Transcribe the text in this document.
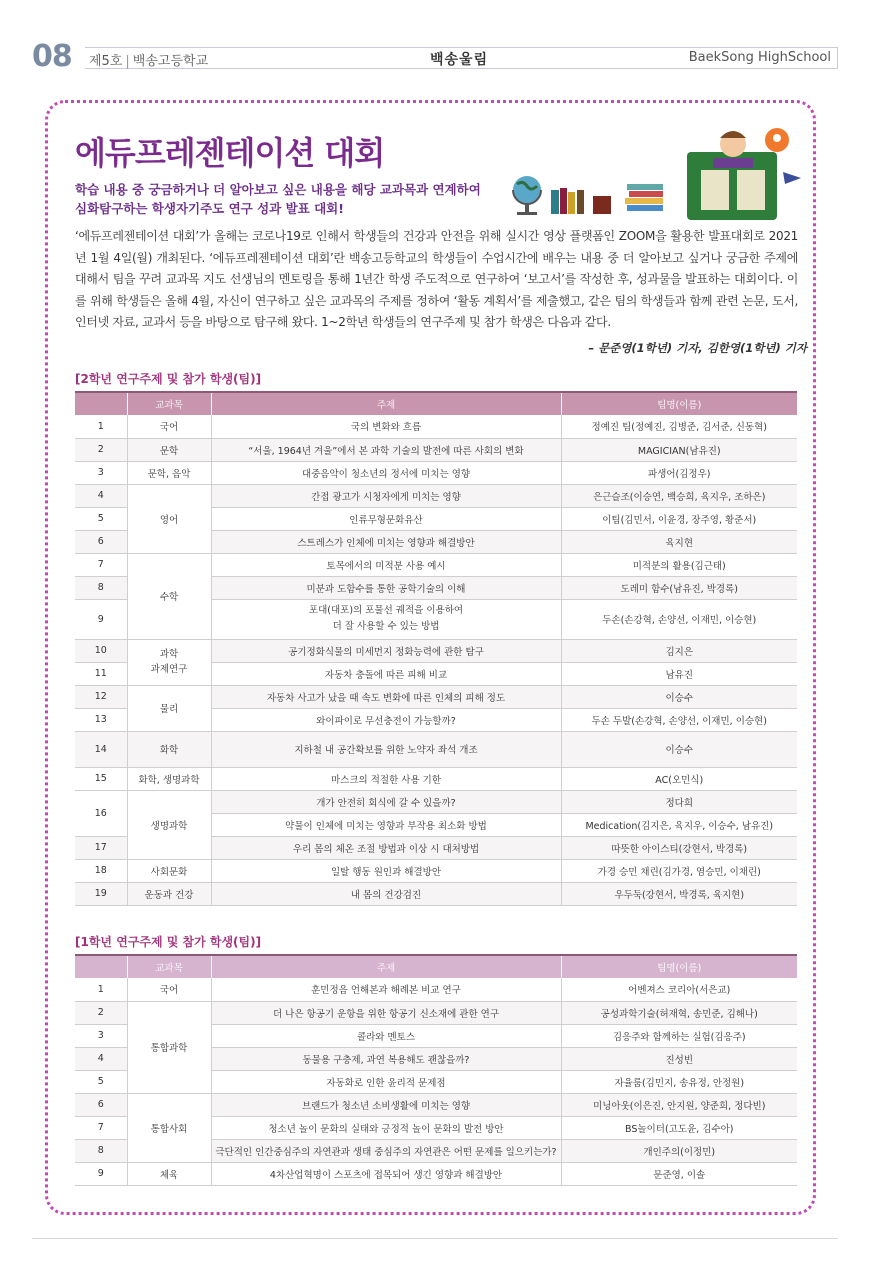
08 제5호 | 백송고등학교	백송울림	BaekSong HighSchool
에듀프레젠테이션 대회
학습 내용 중 궁금하거나 더 알아보고 싶은 내용을 해당 교과목과 연계하여
심화탐구하는 학생자기주도 연구 성과 발표 대회!
‘에듀프레젠테이션 대회’가 올해는 코로나19로 인해서 학생들의 건강과 안전을 위해 실시간 영상 플랫폼인 ZOOM을 활용한 발표대회로 2021년 1월 4일(월) 개최된다. ‘에듀프레젠테이션 대회’란 백송고등학교의 학생들이 수업시간에 배우는 내용 중 더 알아보고 싶거나 궁금한 주제에 대해서 팀을 꾸려 교과목 지도 선생님의 멘토링을 통해 1년간 학생 주도적으로 연구하여 ‘보고서’를 작성한 후, 성과물을 발표하는 대회이다. 이를 위해 학생들은 올해 4월, 자신이 연구하고 싶은 교과목의 주제를 정하여 ‘활동 계획서’를 제출했고, 같은 팀의 학생들과 함께 관련 논문, 도서, 인터넷 자료, 교과서 등을 바탕으로 탐구해 왔다. 1~2학년 학생들의 연구주제 및 참가 학생은 다음과 같다.
– 문준영(1학년) 기자, 김한영(1학년) 기자
[2학년 연구주제 및 참가 학생(팀)]
	교과목	주제	팀명(이름)
1	국어	국의 변화와 흐름	정예진 팀(정예진, 김병준, 김서준, 신동혁)
2	문학	“서울, 1964년 겨울”에서 본 과학 기술의 발전에 따른 사회의 변화	MAGICIAN(남유진)
3	문학, 음악	대중음악이 청소년의 정서에 미치는 영향	파생어(김정우)
4	영어	간접 광고가 시청자에게 미치는 영향	은근슬조(이승연, 백승희, 육지우, 조하은)
5		인류무형문화유산	이팀(김민서, 이윤경, 장주영, 황준서)
6		스트레스가 인체에 미치는 영향과 해결방안	육지현
7	수학	토목에서의 미적분 사용 예시	미적분의 활용(김근태)
8		미분과 도함수를 통한 공학기술의 이해	도레미 함수(남유진, 박경록)
9		포대(대포)의 포물선 궤적을 이용하여
더 잘 사용할 수 있는 방법	두손(손강혁, 손양선, 이재민, 이승현)
10	과학
과제연구	공기정화식물의 미세먼지 정화능력에 관한 탐구	김지은
11		자동차 충돌에 따른 피해 비교	남유진
12	물리	자동차 사고가 났을 때 속도 변화에 따른 인체의 피해 정도	이승수
13		와이파이로 무선충전이 가능할까?	두손 두발(손강혁, 손양선, 이재민, 이승현)
14	화학	지하철 내 공간확보를 위한 노약자 좌석 개조	이승수
15	화학, 생명과학	마스크의 적절한 사용 기한	AC(오민식)
16	생명과학	개가 안전히 회식에 갈 수 있을까?	정다희
		약물이 인체에 미치는 영향과 부작용 최소화 방법	Medication(김지은, 육지우, 이승수, 남유진)
17		우리 몸의 체온 조절 방법과 이상 시 대처방법	따뜻한 아이스티(강현서, 박경록)
18	사회문화	일탈 행동 원인과 해결방안	가경 승민 채린(김가경, 염승민, 이채린)
19	운동과 건강	내 몸의 건강검진	우두둑(강현서, 박경록, 육지현)
[1학년 연구주제 및 참가 학생(팀)]
	교과목	주제	팀명(이름)
1	국어	훈민정음 언해본과 해례본 비교 연구	어벤져스 코리아(서은교)
2	통합과학	더 나은 항공기 운항을 위한 항공기 신소재에 관한 연구	공성과학기술(허재혁, 송민준, 김해나)
3		콜라와 멘토스	김응주와 함께하는 실험(김응주)
4		동물용 구충제, 과연 복용해도 괜찮을까?	진성빈
5		자동화로 인한 윤리적 문제점	자율룸(김민지, 송유정, 안정원)
6	통합사회	브랜드가 청소년 소비생활에 미치는 영향	미닝아웃(이은진, 안지원, 양준희, 정다빈)
7		청소년 놀이 문화의 실태와 긍정적 놀이 문화의 발전 방안	BS놀이터(고도윤, 김수아)
8		극단적인 인간중심주의 자연관과 생태 중심주의 자연관은 어떤 문제를 일으키는가?	개인주의(이정민)
9	체육	4차산업혁명이 스포츠에 접목되어 생긴 영향과 해결방안	문준영, 이솔
